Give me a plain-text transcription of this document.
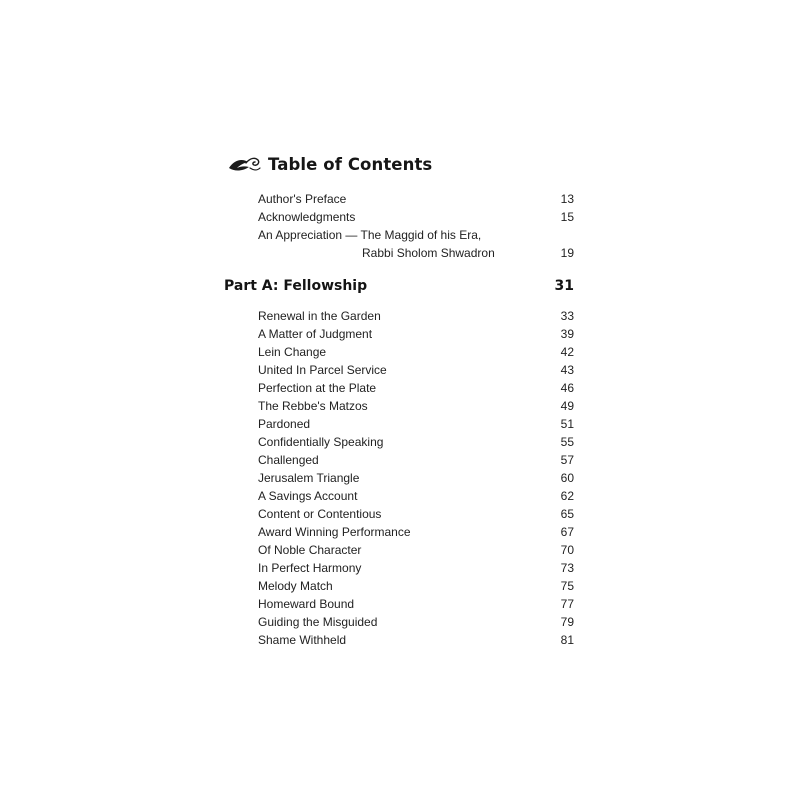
Table of Contents
Author's Preface	13
Acknowledgments	15
An Appreciation — The Maggid of his Era,
Rabbi Sholom Shwadron	19
Part A: Fellowship	31
Renewal in the Garden	33
A Matter of Judgment	39
Lein Change	42
United In Parcel Service	43
Perfection at the Plate	46
The Rebbe's Matzos	49
Pardoned	51
Confidentially Speaking	55
Challenged	57
Jerusalem Triangle	60
A Savings Account	62
Content or Contentious	65
Award Winning Performance	67
Of Noble Character	70
In Perfect Harmony	73
Melody Match	75
Homeward Bound	77
Guiding the Misguided	79
Shame Withheld	81
